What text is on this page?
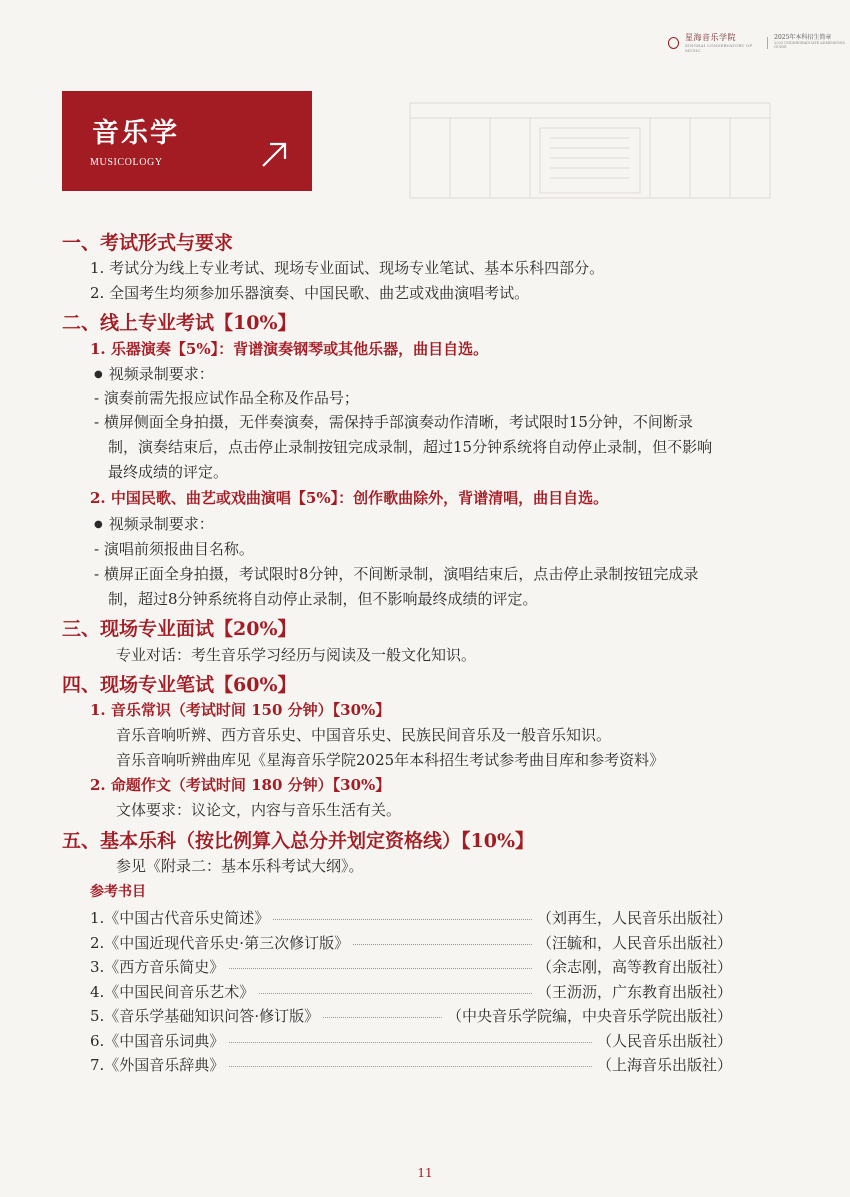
星海音乐学院
XINGHAI CONSERVATORY OF MUSIC
2025年本科招生简章
2025 UNDERGRADUATE ADMISSIONS GUIDE
音乐学
MUSICOLOGY
一、考试形式与要求
1. 考试分为线上专业考试、现场专业面试、现场专业笔试、基本乐科四部分。
2. 全国考生均须参加乐器演奏、中国民歌、曲艺或戏曲演唱考试。
二、线上专业考试【10%】
1. 乐器演奏【5%】：背谱演奏钢琴或其他乐器，曲目自选。
● 视频录制要求：
- 演奏前需先报应试作品全称及作品号；
- 横屏侧面全身拍摄，无伴奏演奏，需保持手部演奏动作清晰，考试限时15分钟，不间断录
制，演奏结束后，点击停止录制按钮完成录制，超过15分钟系统将自动停止录制，但不影响
最终成绩的评定。
2. 中国民歌、曲艺或戏曲演唱【5%】：创作歌曲除外，背谱清唱，曲目自选。
● 视频录制要求：
- 演唱前须报曲目名称。
- 横屏正面全身拍摄，考试限时8分钟，不间断录制，演唱结束后，点击停止录制按钮完成录
制，超过8分钟系统将自动停止录制，但不影响最终成绩的评定。
三、现场专业面试【20%】
专业对话：考生音乐学习经历与阅读及一般文化知识。
四、现场专业笔试【60%】
1. 音乐常识（考试时间 150 分钟）【30%】
音乐音响听辨、西方音乐史、中国音乐史、民族民间音乐及一般音乐知识。
音乐音响听辨曲库见《星海音乐学院2025年本科招生考试参考曲目库和参考资料》
2. 命题作文（考试时间 180 分钟）【30%】
文体要求：议论文，内容与音乐生活有关。
五、基本乐科（按比例算入总分并划定资格线）【10%】
参见《附录二：基本乐科考试大纲》。
参考书目
1.《中国古代音乐史简述》	（刘再生，人民音乐出版社）
2.《中国近现代音乐史·第三次修订版》	（汪毓和，人民音乐出版社）
3.《西方音乐简史》	（余志刚，高等教育出版社）
4.《中国民间音乐艺术》	（王沥沥，广东教育出版社）
5.《音乐学基础知识问答·修订版》	（中央音乐学院编，中央音乐学院出版社）
6.《中国音乐词典》	（人民音乐出版社）
7.《外国音乐辞典》	（上海音乐出版社）
11
